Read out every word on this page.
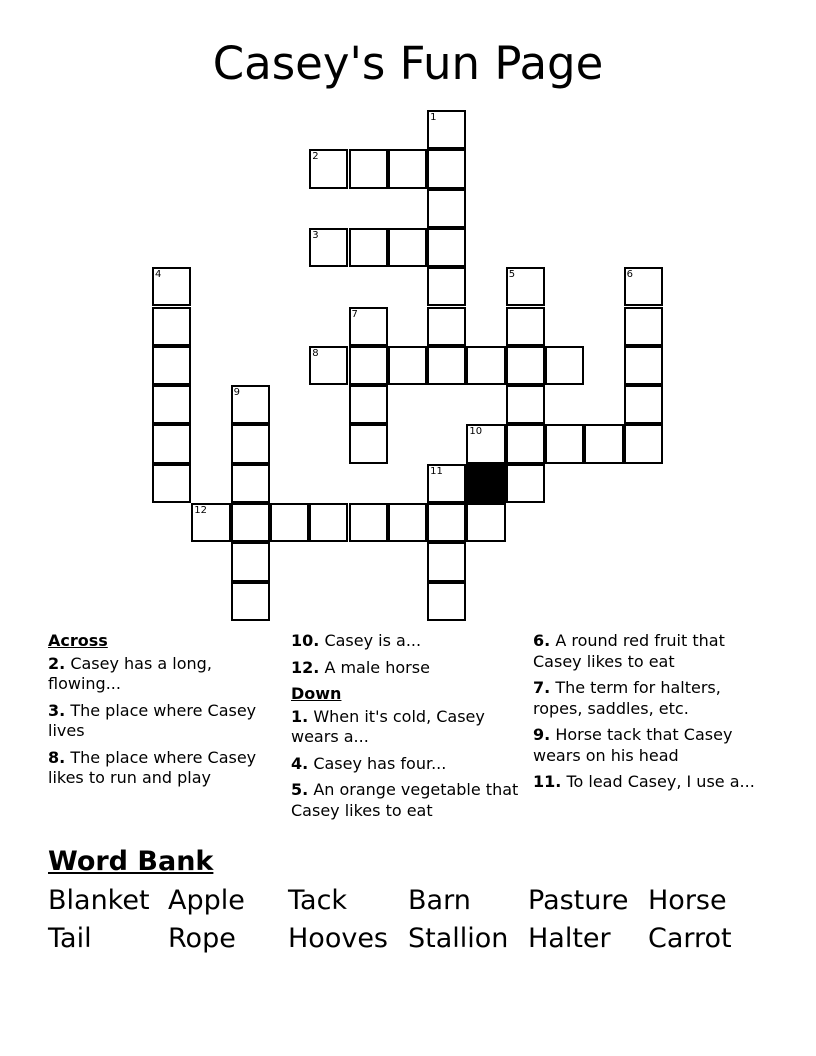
Casey's Fun Page
1
2
3
4	5	6
7
8
9
10
11
12
Across
2. Casey has a long, flowing...
3. The place where Casey lives
8. The place where Casey likes to run and play
10. Casey is a...
12. A male horse
Down
1. When it's cold, Casey wears a...
4. Casey has four...
5. An orange vegetable that Casey likes to eat
6. A round red fruit that Casey likes to eat
7. The term for halters, ropes, saddles, etc.
9. Horse tack that Casey wears on his head
11. To lead Casey, I use a...
Word Bank
Blanket Apple Tack Barn Pasture Horse
Tail	Rope Hooves Stallion Halter Carrot
